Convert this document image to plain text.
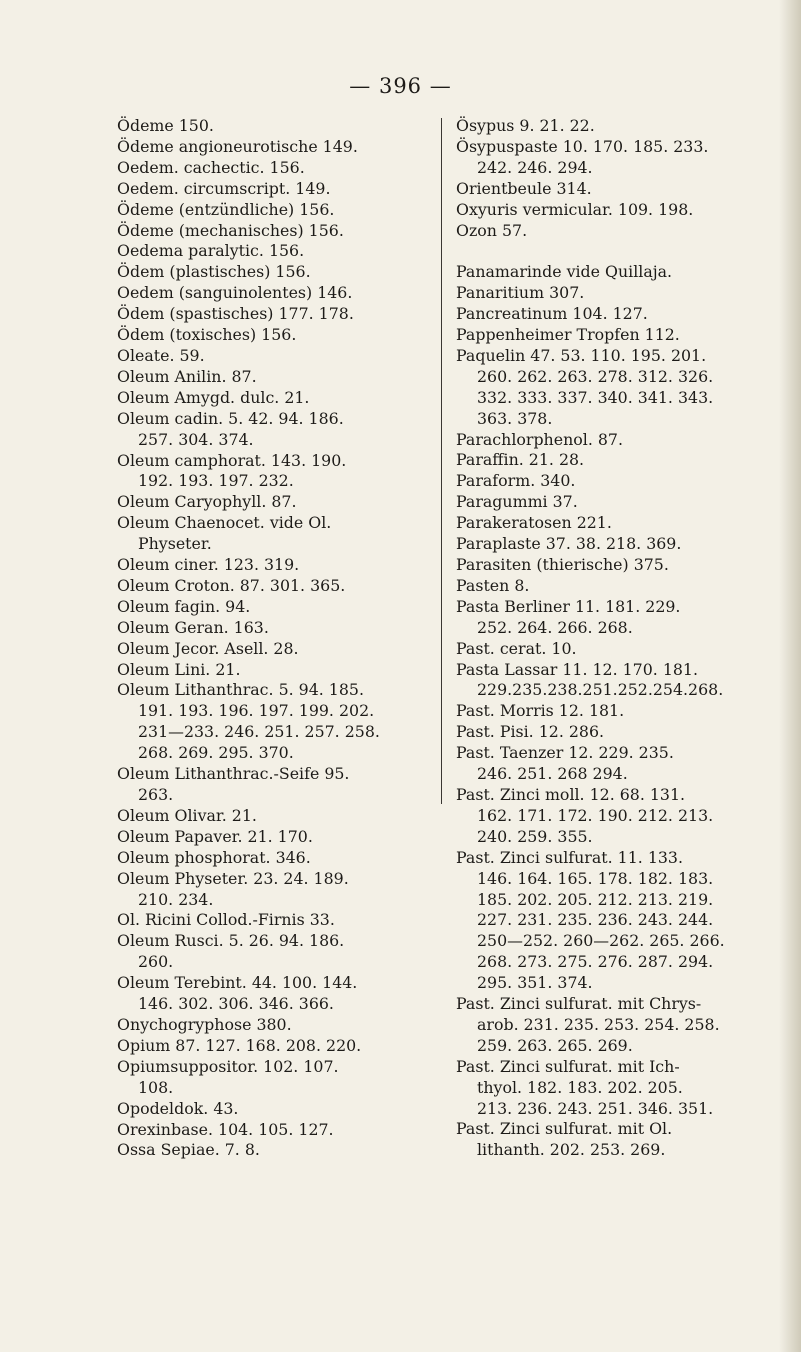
— 396 —

Ödeme 150.

Ödeme angioneurotische 149.

Oedem. cachectic. 156.

Oedem. circumscript. 149.

Ödeme (entzündliche) 156.

Ödeme (mechanisches) 156.

Oedema paralytic. 156.

Ödem (plastisches) 156.

Oedem (sanguinolentes) 146.

Ödem (spastisches) 177. 178.

Ödem (toxisches) 156.

Oleate. 59.

Oleum Anilin. 87.

Oleum Amygd. dulc. 21.

Oleum cadin. 5. 42. 94. 186.
257. 304. 374.

Oleum camphorat. 143. 190.
192. 193. 197. 232.

Oleum Caryophyll. 87.

Oleum Chaenocet. vide Ol.
Physeter.

Oleum ciner. 123. 319.

Oleum Croton. 87. 301. 365.

Oleum fagin. 94.

Oleum Geran. 163.

Oleum Jecor. Asell. 28.

Oleum Lini. 21.

Oleum Lithanthrac. 5. 94. 185.
191. 193. 196. 197. 199. 202.
231—233. 246. 251. 257. 258.
268. 269. 295. 370.

Oleum Lithanthrac.-Seife 95.
263.

Oleum Olivar. 21.

Oleum Papaver. 21. 170.

Oleum phosphorat. 346.

Oleum Physeter. 23. 24. 189.
210. 234.

Ol. Ricini Collod.-Firnis 33.

Oleum Rusci. 5. 26. 94. 186.
260.

Oleum Terebint. 44. 100. 144.
146. 302. 306. 346. 366.

Onychogryphose 380.

Opium 87. 127. 168. 208. 220.

Opiumsuppositor. 102. 107.
108.

Opodeldok. 43.

Orexinbase. 104. 105. 127.

Ossa Sepiae. 7. 8.

Ösypus 9. 21. 22.

Ösypuspaste 10. 170. 185. 233.
242. 246. 294.

Orientbeule 314.

Oxyuris vermicular. 109. 198.

Ozon 57.

Panamarinde vide Quillaja.

Panaritium 307.

Pancreatinum 104. 127.

Pappenheimer Tropfen 112.

Paquelin 47. 53. 110. 195. 201.
260. 262. 263. 278. 312. 326.
332. 333. 337. 340. 341. 343.
363. 378.

Parachlorphenol. 87.

Paraffin. 21. 28.

Paraform. 340.

Paragummi 37.

Parakeratosen 221.

Paraplaste 37. 38. 218. 369.

Parasiten (thierische) 375.

Pasten 8.

Pasta Berliner 11. 181. 229.
252. 264. 266. 268.

Past. cerat. 10.

Pasta Lassar 11. 12. 170. 181.
229.235.238.251.252.254.268.

Past. Morris 12. 181.

Past. Pisi. 12. 286.

Past. Taenzer 12. 229. 235.
246. 251. 268 294.

Past. Zinci moll. 12. 68. 131.
162. 171. 172. 190. 212. 213.
240. 259. 355.

Past. Zinci sulfurat. 11. 133.
146. 164. 165. 178. 182. 183.
185. 202. 205. 212. 213. 219.
227. 231. 235. 236. 243. 244.
250—252. 260—262. 265. 266.
268. 273. 275. 276. 287. 294.
295. 351. 374.

Past. Zinci sulfurat. mit Chrys-
arob. 231. 235. 253. 254. 258.
259. 263. 265. 269.

Past. Zinci sulfurat. mit Ich-
thyol. 182. 183. 202. 205.
213. 236. 243. 251. 346. 351.

Past. Zinci sulfurat. mit Ol.
lithanth. 202. 253. 269.
